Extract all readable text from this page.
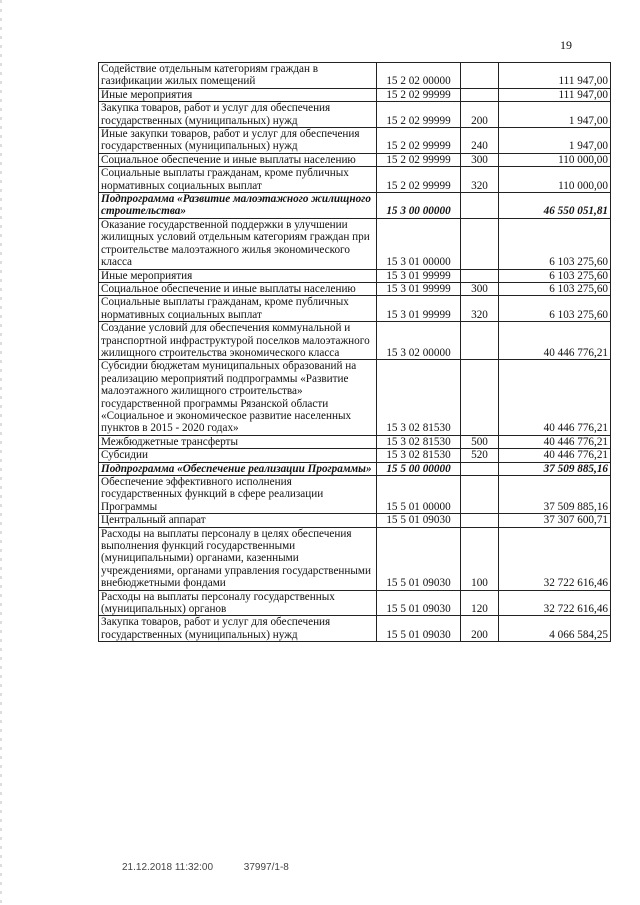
19
Содействие отдельным категориям граждан в газификации жилых помещений	15 2 02 00000		111 947,00
Иные мероприятия	15 2 02 99999		111 947,00
Закупка товаров, работ и услуг для обеспечения государственных (муниципальных) нужд	15 2 02 99999	200	1 947,00
Иные закупки товаров, работ и услуг для обеспечения государственных (муниципальных) нужд	15 2 02 99999	240	1 947,00
Социальное обеспечение и иные выплаты населению	15 2 02 99999	300	110 000,00
Социальные выплаты гражданам, кроме публичных нормативных социальных выплат	15 2 02 99999	320	110 000,00
Подпрограмма «Развитие малоэтажного жилищного строительства»	15 3 00 00000		46 550 051,81
Оказание государственной поддержки в улучшении жилищных условий отдельным категориям граждан при строительстве малоэтажного жилья экономического класса	15 3 01 00000		6 103 275,60
Иные мероприятия	15 3 01 99999		6 103 275,60
Социальное обеспечение и иные выплаты населению	15 3 01 99999	300	6 103 275,60
Социальные выплаты гражданам, кроме публичных нормативных социальных выплат	15 3 01 99999	320	6 103 275,60
Создание условий для обеспечения коммунальной и транспортной инфраструктурой поселков малоэтажного жилищного строительства экономического класса	15 3 02 00000		40 446 776,21
Субсидии бюджетам муниципальных образований на реализацию мероприятий подпрограммы «Развитие малоэтажного жилищного строительства» государственной программы Рязанской области «Социальное и экономическое развитие населенных пунктов в 2015 - 2020 годах»	15 3 02 81530		40 446 776,21
Межбюджетные трансферты	15 3 02 81530	500	40 446 776,21
Субсидии	15 3 02 81530	520	40 446 776,21
Подпрограмма «Обеспечение реализации Программы»	15 5 00 00000		37 509 885,16
Обеспечение эффективного исполнения государственных функций в сфере реализации Программы	15 5 01 00000		37 509 885,16
Центральный аппарат	15 5 01 09030		37 307 600,71
Расходы на выплаты персоналу в целях обеспечения выполнения функций государственными (муниципальными) органами, казенными учреждениями, органами управления государственными внебюджетными фондами	15 5 01 09030	100	32 722 616,46
Расходы на выплаты персоналу государственных (муниципальных) органов	15 5 01 09030	120	32 722 616,46
Закупка товаров, работ и услуг для обеспечения государственных (муниципальных) нужд	15 5 01 09030	200	4 066 584,25
21.12.2018 11:32:00	37997/1-8
